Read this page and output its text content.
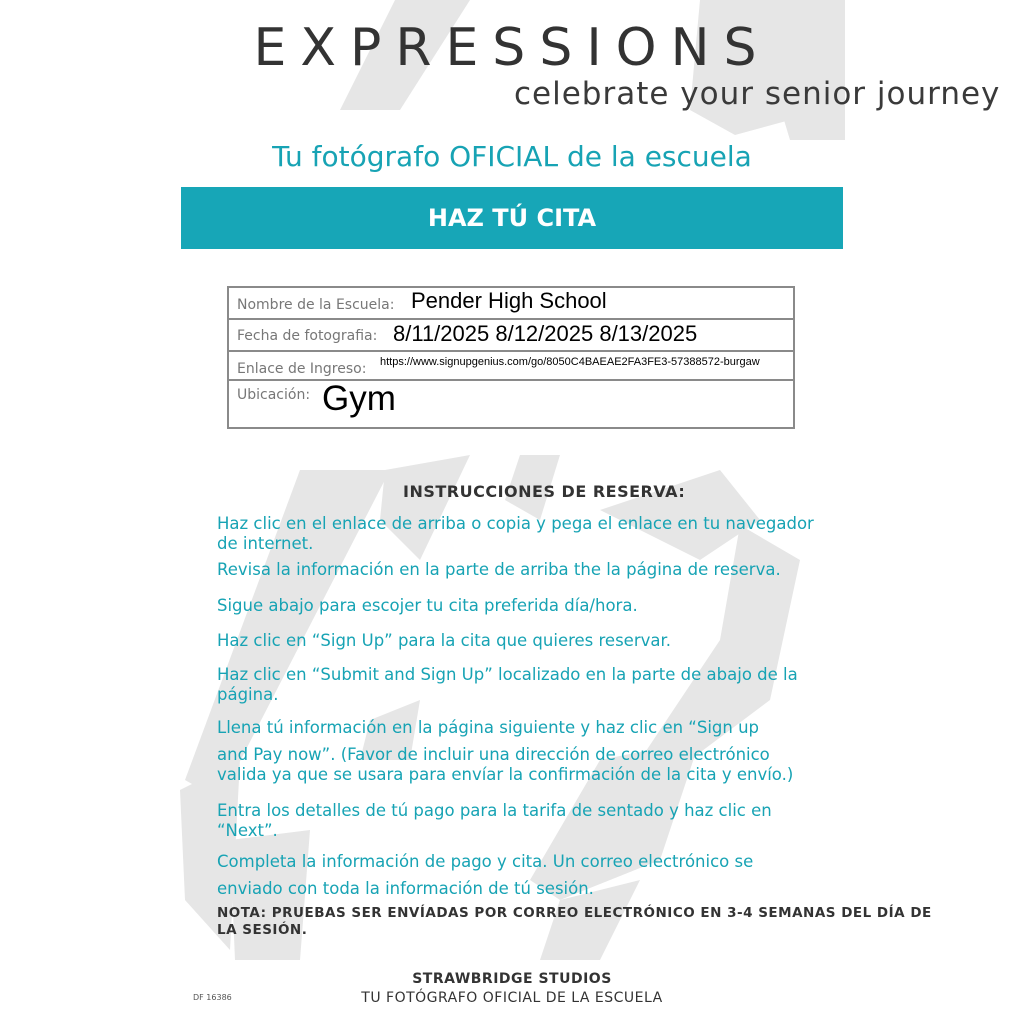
EXPRESSIONS
celebrate your senior journey
Tu fotógrafo OFICIAL de la escuela
HAZ TÚ CITA
Nombre de la Escuela: Pender High School
Fecha de fotografia: 8/11/2025 8/12/2025 8/13/2025
Enlace de Ingreso: https://www.signupgenius.com/go/8050C4BAEAE2FA3FE3-57388572-burgaw
Ubicación: Gym
INSTRUCCIONES DE RESERVA:
Haz clic en el enlace de arriba o copia y pega el enlace en tu navegador de internet.
Revisa la información en la parte de arriba the la página de reserva.
Sigue abajo para escojer tu cita preferida día/hora.
Haz clic en “Sign Up” para la cita que quieres reservar.
Haz clic en “Submit and Sign Up” localizado en la parte de abajo de la página.
Llena tú información en la página siguiente y haz clic en “Sign up
and Pay now”. (Favor de incluir una dirección de correo electrónico valida ya que se usara para envíar la confirmación de la cita y envío.)
Entra los detalles de tú pago para la tarifa de sentado y haz clic en “Next”.
Completa la información de pago y cita. Un correo electrónico se
enviado con toda la información de tú sesión.
NOTA: PRUEBAS SER ENVÍADAS POR CORREO ELECTRÓNICO EN 3-4 SEMANAS DEL DÍA DE LA SESIÓN.
STRAWBRIDGE STUDIOS
TU FOTÓGRAFO OFICIAL DE LA ESCUELA
DF 16386
